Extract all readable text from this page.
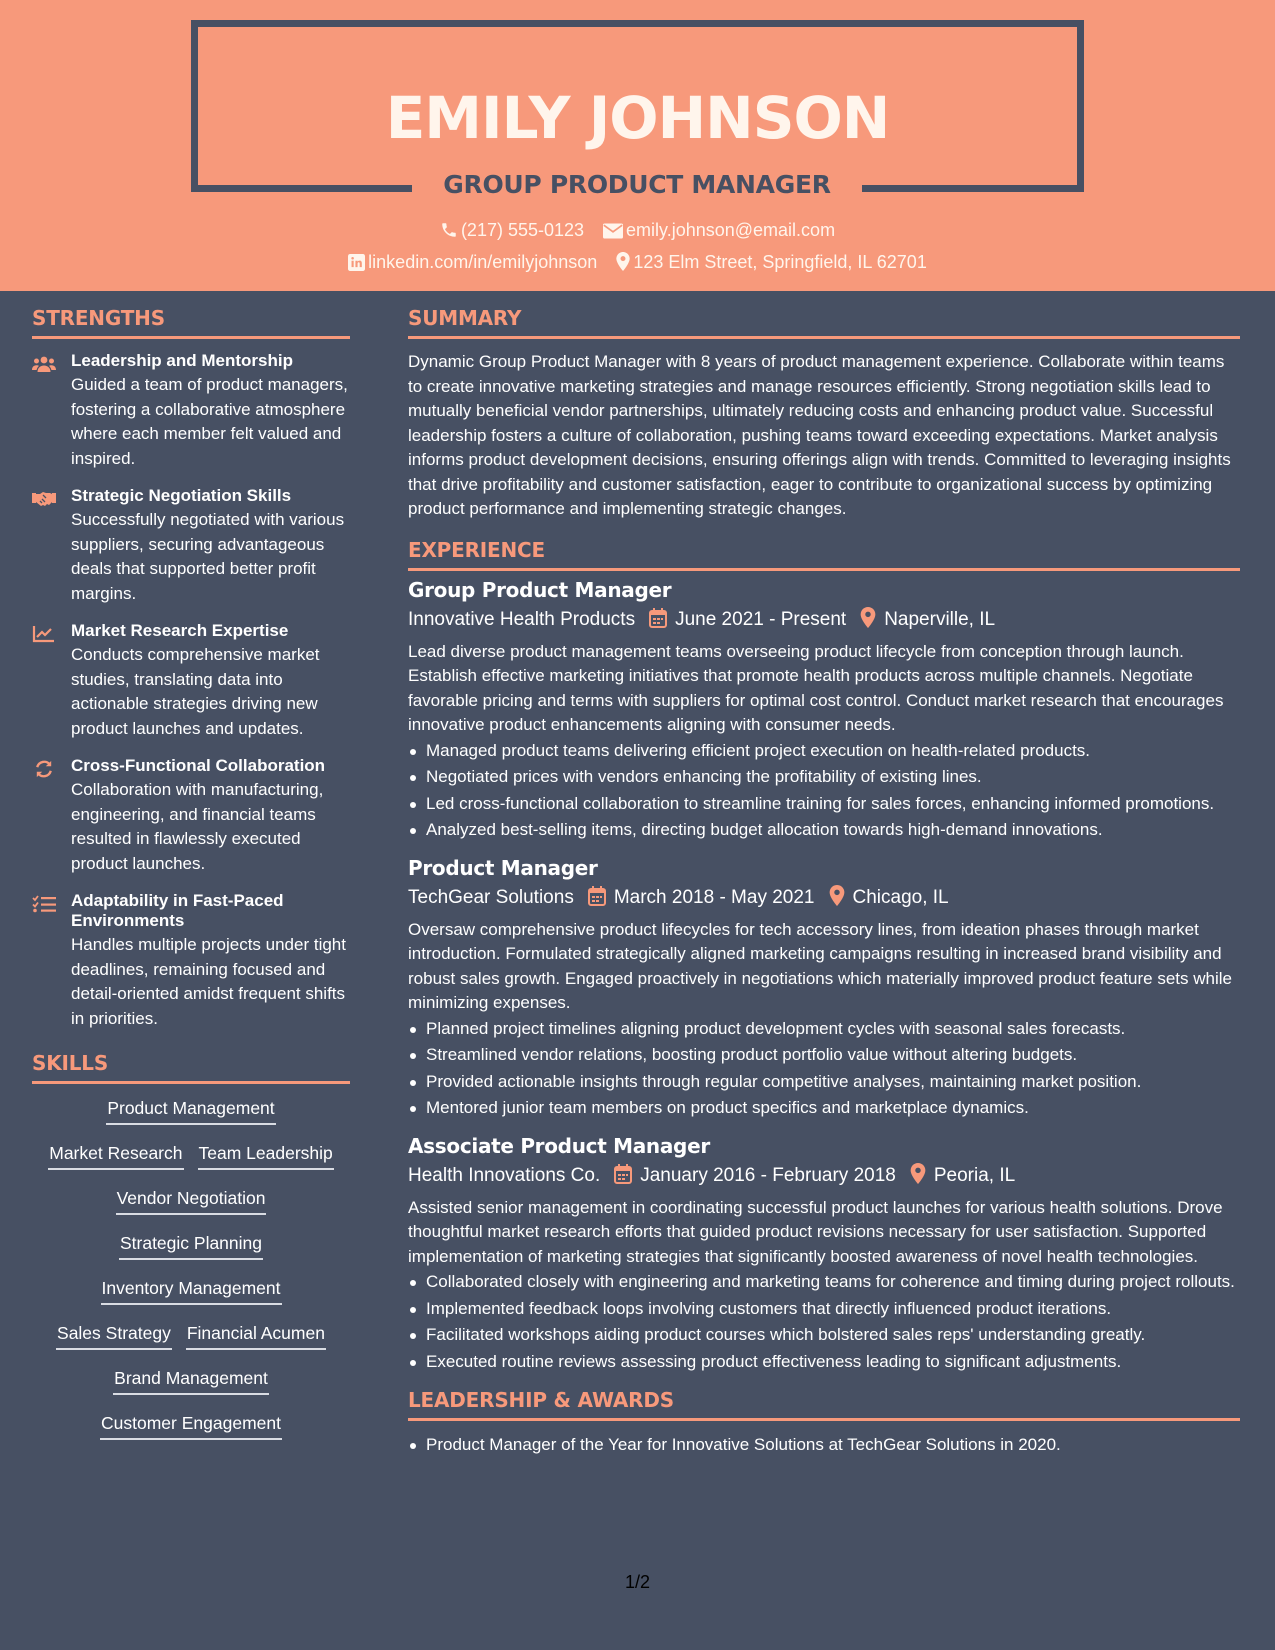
EMILY JOHNSON
GROUP PRODUCT MANAGER
(217) 555-0123 emily.johnson@email.com
linkedin.com/in/emilyjohnson 123 Elm Street, Springfield, IL 62701
STRENGTHS
Leadership and Mentorship
Guided a team of product managers, fostering a collaborative atmosphere where each member felt valued and inspired.
Strategic Negotiation Skills
Successfully negotiated with various suppliers, securing advantageous deals that supported better profit margins.
Market Research Expertise
Conducts comprehensive market studies, translating data into actionable strategies driving new product launches and updates.
Cross-Functional Collaboration
Collaboration with manufacturing, engineering, and financial teams resulted in flawlessly executed product launches.
Adaptability in Fast-Paced Environments
Handles multiple projects under tight deadlines, remaining focused and detail-oriented amidst frequent shifts in priorities.
SKILLS
Product Management
Market Research Team Leadership
Vendor Negotiation
Strategic Planning
Inventory Management
Sales Strategy Financial Acumen
Brand Management
Customer Engagement
SUMMARY
Dynamic Group Product Manager with 8 years of product management experience. Collaborate within teams to create innovative marketing strategies and manage resources efficiently. Strong negotiation skills lead to mutually beneficial vendor partnerships, ultimately reducing costs and enhancing product value. Successful leadership fosters a culture of collaboration, pushing teams toward exceeding expectations. Market analysis informs product development decisions, ensuring offerings align with trends. Committed to leveraging insights that drive profitability and customer satisfaction, eager to contribute to organizational success by optimizing product performance and implementing strategic changes.
EXPERIENCE
Group Product Manager
Innovative Health Products June 2021 - Present Naperville, IL
Lead diverse product management teams overseeing product lifecycle from conception through launch. Establish effective marketing initiatives that promote health products across multiple channels. Negotiate favorable pricing and terms with suppliers for optimal cost control. Conduct market research that encourages innovative product enhancements aligning with consumer needs.
Managed product teams delivering efficient project execution on health-related products.
Negotiated prices with vendors enhancing the profitability of existing lines.
Led cross-functional collaboration to streamline training for sales forces, enhancing informed promotions.
Analyzed best-selling items, directing budget allocation towards high-demand innovations.
Product Manager
TechGear Solutions March 2018 - May 2021 Chicago, IL
Oversaw comprehensive product lifecycles for tech accessory lines, from ideation phases through market introduction. Formulated strategically aligned marketing campaigns resulting in increased brand visibility and robust sales growth. Engaged proactively in negotiations which materially improved product feature sets while minimizing expenses.
Planned project timelines aligning product development cycles with seasonal sales forecasts.
Streamlined vendor relations, boosting product portfolio value without altering budgets.
Provided actionable insights through regular competitive analyses, maintaining market position.
Mentored junior team members on product specifics and marketplace dynamics.
Associate Product Manager
Health Innovations Co. January 2016 - February 2018 Peoria, IL
Assisted senior management in coordinating successful product launches for various health solutions. Drove thoughtful market research efforts that guided product revisions necessary for user satisfaction. Supported implementation of marketing strategies that significantly boosted awareness of novel health technologies.
Collaborated closely with engineering and marketing teams for coherence and timing during project rollouts.
Implemented feedback loops involving customers that directly influenced product iterations.
Facilitated workshops aiding product courses which bolstered sales reps' understanding greatly.
Executed routine reviews assessing product effectiveness leading to significant adjustments.
LEADERSHIP & AWARDS
Product Manager of the Year for Innovative Solutions at TechGear Solutions in 2020.
1/2
